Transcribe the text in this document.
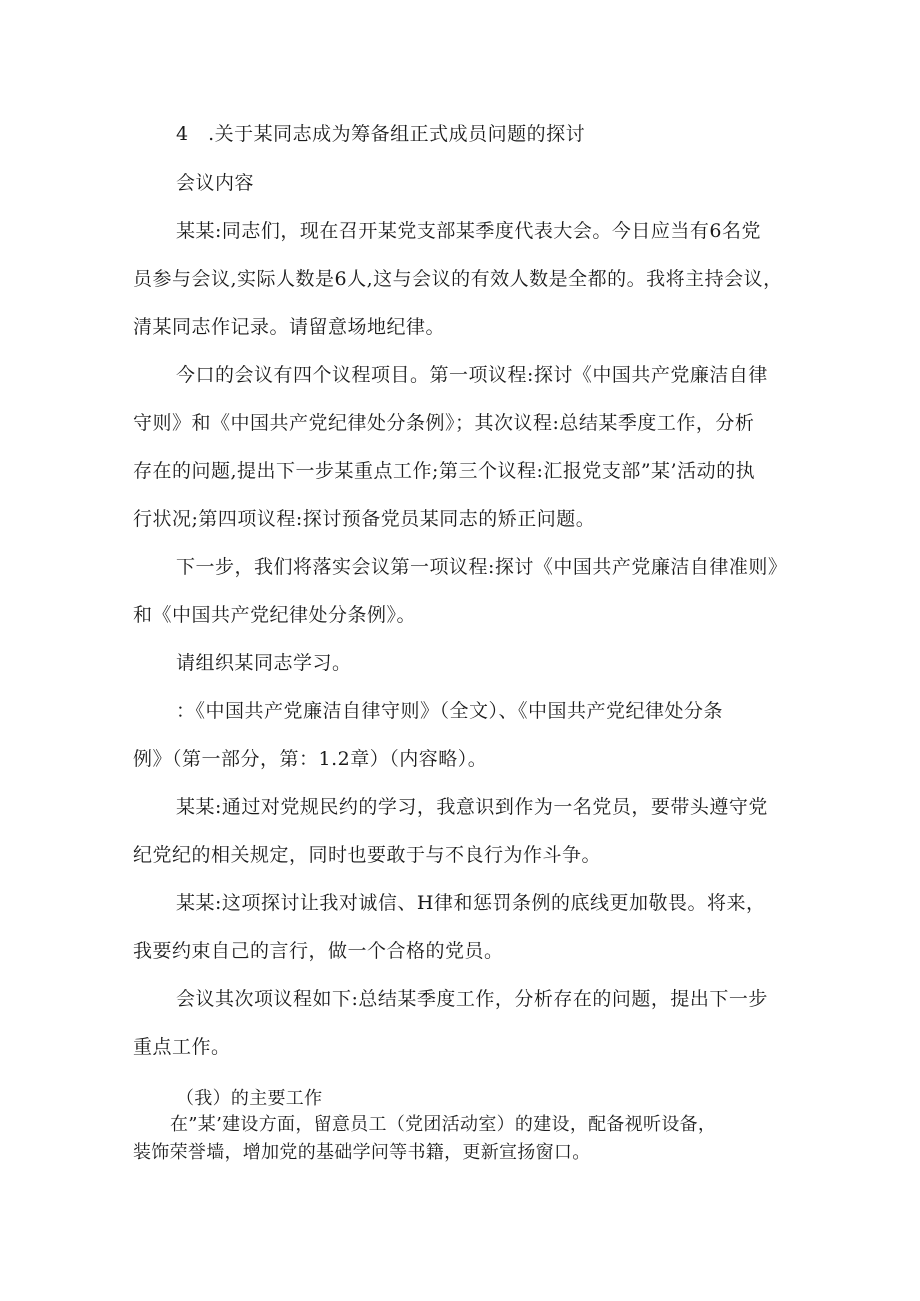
4　.关于某同志成为筹备组正式成员问题的探讨
会议内容
某某:同志们，现在召开某党支部某季度代表大会。今日应当有6名党
员参与会议,实际人数是6人,这与会议的有效人数是全都的。我将主持会议，
清某同志作记录。请留意场地纪律。
今口的会议有四个议程项目。第一项议程:探讨《中国共产党廉洁自律
守则》和《中国共产党纪律处分条例》；其次议程:总结某季度工作，分析
存在的问题,提出下一步某重点工作;第三个议程:汇报党支部”某’活动的执
行状况;第四项议程:探讨预备党员某同志的矫正问题。
下一步，我们将落实会议第一项议程:探讨《中国共产党廉洁自律准则》
和《中国共产党纪律处分条例》。
请组织某同志学习。
：《中国共产党廉洁自律守则》（全文）、《中国共产党纪律处分条
例》（第一部分，第：1.2章）（内容略）。
某某:通过对党规民约的学习，我意识到作为一名党员，要带头遵守党
纪党纪的相关规定，同时也要敢于与不良行为作斗争。
某某:这项探讨让我对诚信、H律和惩罚条例的底线更加敬畏。将来，
我要约束自己的言行，做一个合格的党员。
会议其次项议程如下:总结某季度工作，分析存在的问题，提出下一步
重点工作。
（我）的主要工作
在”某’建设方面，留意员工（党团活动室）的建设，配备视听设备，
装饰荣誉墙，增加党的基础学问等书籍，更新宣扬窗口。
